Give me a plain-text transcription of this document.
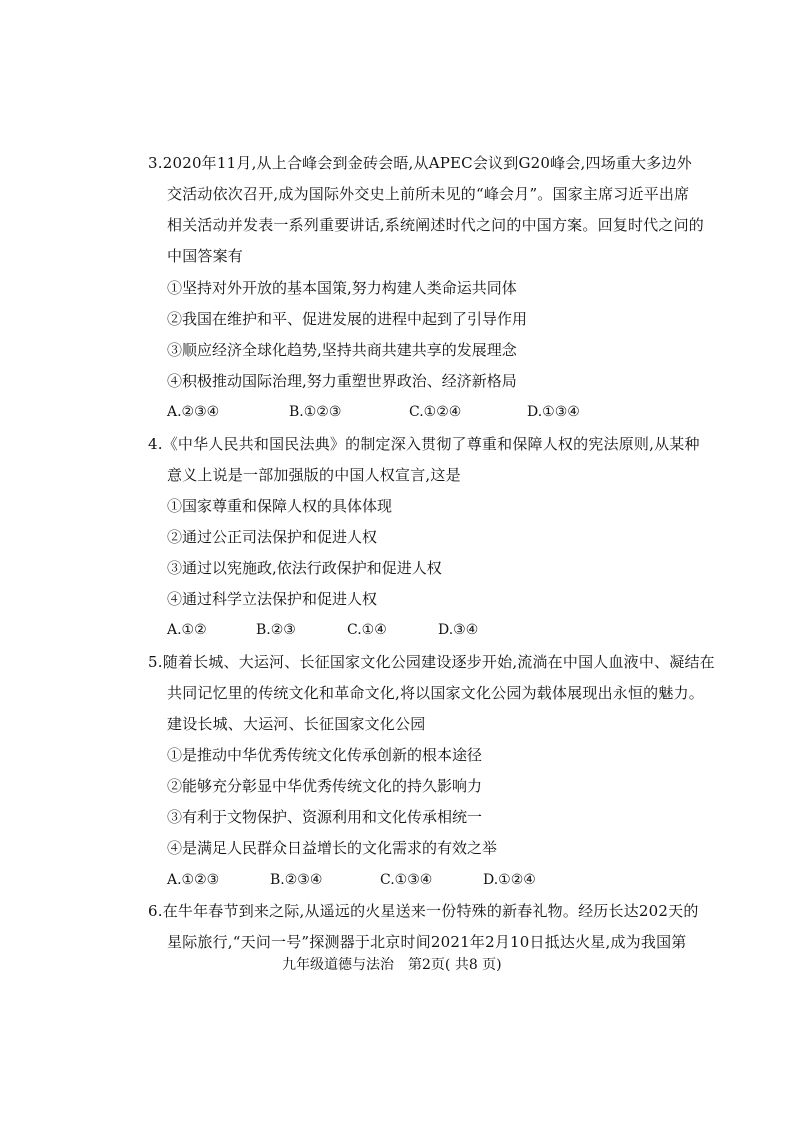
3.2020年11月,从上合峰会到金砖会晤,从APEC会议到G20峰会,四场重大多边外
交活动依次召开,成为国际外交史上前所未见的“峰会月”。国家主席习近平出席
相关活动并发表一系列重要讲话,系统阐述时代之问的中国方案。回复时代之问的
中国答案有
①坚持对外开放的基本国策,努力构建人类命运共同体
②我国在维护和平、促进发展的进程中起到了引导作用
③顺应经济全球化趋势,坚持共商共建共享的发展理念
④积极推动国际治理,努力重塑世界政治、经济新格局
A.②③④	B.①②③	C.①②④	D.①③④
4.《中华人民共和国民法典》的制定深入贯彻了尊重和保障人权的宪法原则,从某种
意义上说是一部加强版的中国人权宣言,这是
①国家尊重和保障人权的具体体现
②通过公正司法保护和促进人权
③通过以宪施政,依法行政保护和促进人权
④通过科学立法保护和促进人权
A.①②	B.②③	C.①④	D.③④
5.随着长城、大运河、长征国家文化公园建设逐步开始,流淌在中国人血液中、凝结在
共同记忆里的传统文化和革命文化,将以国家文化公园为载体展现出永恒的魅力。
建设长城、大运河、长征国家文化公园
①是推动中华优秀传统文化传承创新的根本途径
②能够充分彰显中华优秀传统文化的持久影响力
③有利于文物保护、资源利用和文化传承相统一
④是满足人民群众日益增长的文化需求的有效之举
A.①②③	B.②③④	C.①③④	D.①②④
6.在牛年春节到来之际,从遥远的火星送来一份特殊的新春礼物。经历长达202天的
星际旅行,“天问一号”探测器于北京时间2021年2月10日抵达火星,成为我国第
九年级道德与法治　第2页( 共8 页)
